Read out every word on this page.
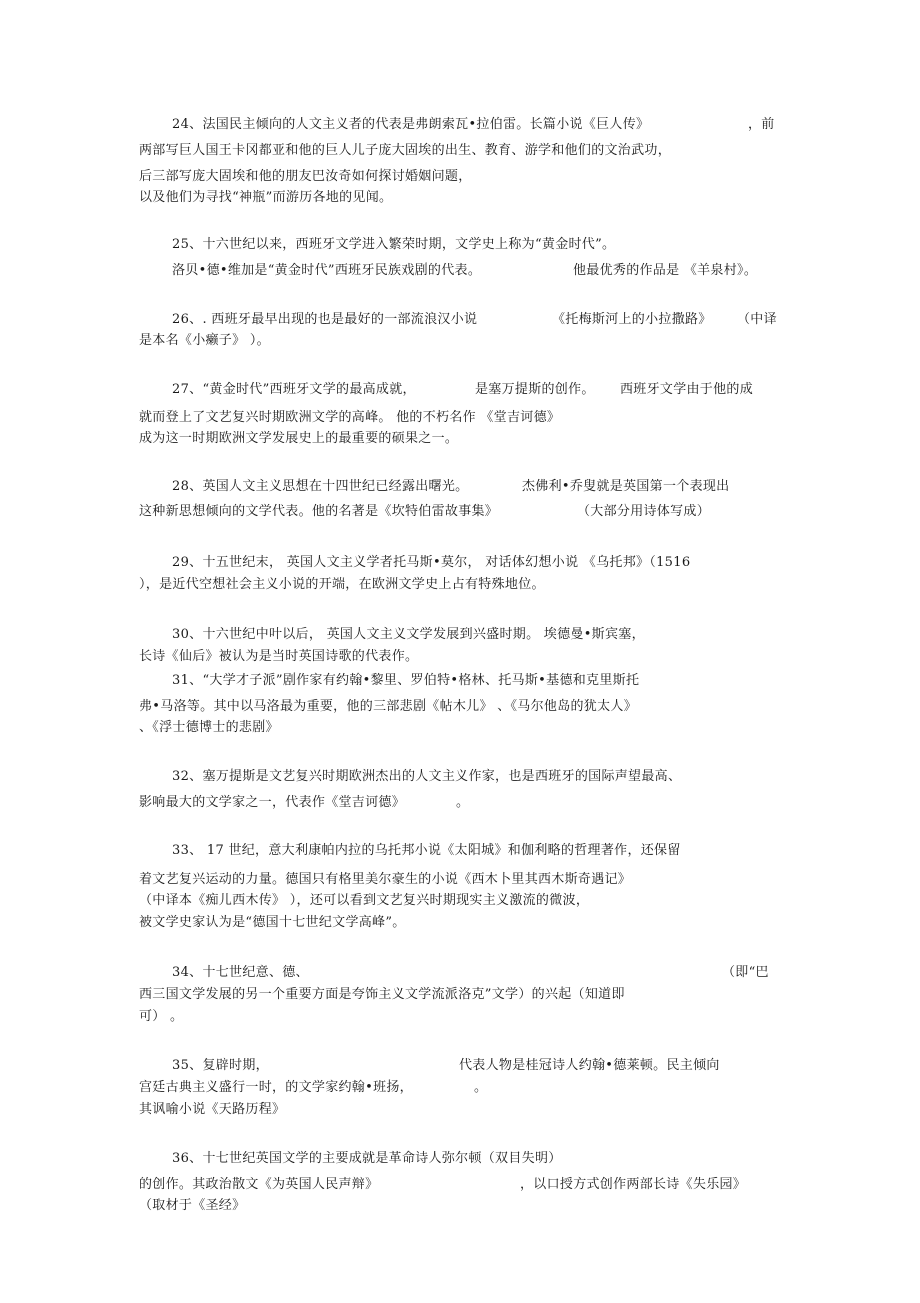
24、法国民主倾向的人文主义者的代表是弗朗索瓦•拉伯雷。长篇小说《巨人传》	，前
两部写巨人国王卡冈都亚和他的巨人儿子庞大固埃的出生、教育、游学和他们的文治武功，
后三部写庞大固埃和他的朋友巴汝奇如何探讨婚姻问题，
以及他们为寻找“神瓶”而游历各地的见闻。
25、十六世纪以来，西班牙文学进入繁荣时期，文学史上称为“黄金时代”。
洛贝•德•维加是“黄金时代”西班牙民族戏剧的代表。	他最优秀的作品是 《羊泉村》。
26、. 西班牙最早出现的也是最好的一部流浪汉小说	《托梅斯河上的小拉撒路》 （中译
是本名《小癞子》 ）。
27、“黄金时代”西班牙文学的最高成就，	是塞万提斯的创作。 西班牙文学由于他的成
就而登上了文艺复兴时期欧洲文学的高峰。 他的不朽名作 《堂吉诃德》
成为这一时期欧洲文学发展史上的最重要的硕果之一。
28、英国人文主义思想在十四世纪已经露出曙光。	杰佛利•乔叟就是英国第一个表现出
这种新思想倾向的文学代表。他的名著是《坎特伯雷故事集》	（大部分用诗体写成）
29、十五世纪末， 英国人文主义学者托马斯•莫尔， 对话体幻想小说 《乌托邦》（1516
），是近代空想社会主义小说的开端，在欧洲文学史上占有特殊地位。
30、十六世纪中叶以后， 英国人文主义文学发展到兴盛时期。 埃德曼•斯宾塞，
长诗《仙后》被认为是当时英国诗歌的代表作。
31、“大学才子派”剧作家有约翰•黎里、罗伯特•格林、托马斯•基德和克里斯托
弗•马洛等。其中以马洛最为重要，他的三部悲剧《帖木儿》 、《马尔他岛的犹太人》
、《浮士德博士的悲剧》
32、塞万提斯是文艺复兴时期欧洲杰出的人文主义作家，也是西班牙的国际声望最高、
影响最大的文学家之一，代表作《堂吉诃德》	。
33、 17 世纪，意大利康帕内拉的乌托邦小说《太阳城》和伽利略的哲理著作，还保留
着文艺复兴运动的力量。德国只有格里美尔豪生的小说《西木卜里其西木斯奇遇记》
（中译本《痴儿西木传》 ），还可以看到文艺复兴时期现实主义激流的微波，
被文学史家认为是“德国十七世纪文学高峰”。
34、十七世纪意、德、	（即“巴
西三国文学发展的另一个重要方面是夸饰主义文学流派洛克”文学）的兴起（知道即
可） 。
35、复辟时期，	代表人物是桂冠诗人约翰•德莱顿。民主倾向
宫廷古典主义盛行一时，的文学家约翰•班扬，	。
其讽喻小说《天路历程》
36、十七世纪英国文学的主要成就是革命诗人弥尔顿（双目失明）
的创作。其政治散文《为英国人民声辩》	，以口授方式创作两部长诗《失乐园》
（取材于《圣经》
